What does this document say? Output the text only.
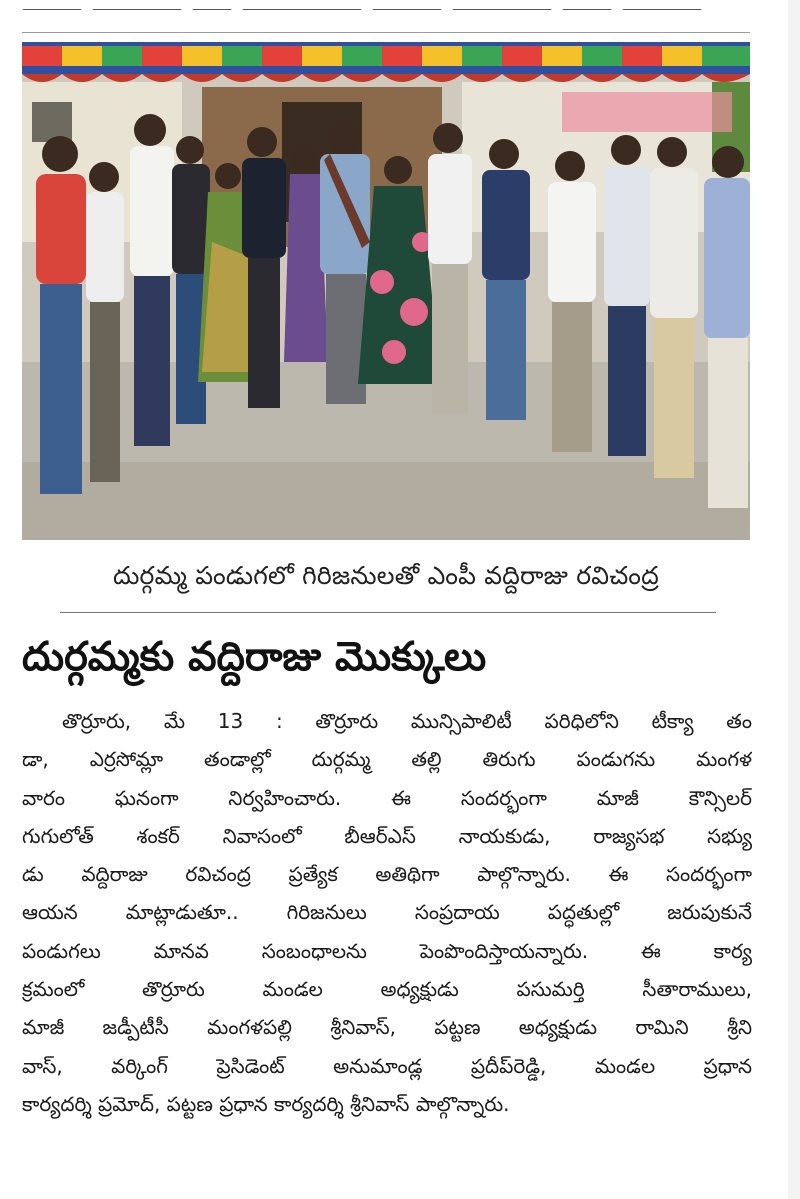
దుర్గమ్మ పండుగలో గిరిజనులతో ఎంపీ వద్దిరాజు రవిచంద్ర
దుర్గమ్మకు వద్దిరాజు మొక్కులు
తొర్రూరు, మే 13 : తొర్రూరు మున్సిపాలిటీ పరిధిలోని టీక్యా తం
డా, ఎర్రసోమ్లా తండాల్లో దుర్గమ్మ తల్లి తిరుగు పండుగను మంగళ
వారం ఘనంగా నిర్వహించారు. ఈ సందర్భంగా మాజీ కౌన్సిలర్
గుగులోత్ శంకర్ నివాసంలో బీఆర్ఎస్ నాయకుడు, రాజ్యసభ సభ్యు
డు వద్దిరాజు రవిచంద్ర ప్రత్యేక అతిథిగా పాల్గొన్నారు. ఈ సందర్భంగా
ఆయన మాట్లాడుతూ.. గిరిజనులు సంప్రదాయ పద్ధతుల్లో జరుపుకునే
పండుగలు మానవ సంబంధాలను పెంపొందిస్తాయన్నారు. ఈ కార్య
క్రమంలో తొర్రూరు మండల అధ్యక్షుడు పసుమర్తి సీతారాములు,
మాజీ జడ్పీటీసీ మంగళపల్లి శ్రీనివాస్, పట్టణ అధ్యక్షుడు రామిని శ్రీని
వాస్, వర్కింగ్ ప్రెసిడెంట్ అనుమాండ్ల ప్రదీప్‌రెడ్డి, మండల ప్రధాన
కార్యదర్శి ప్రమోద్, పట్టణ ప్రధాన కార్యదర్శి శ్రీనివాస్ పాల్గొన్నారు.
